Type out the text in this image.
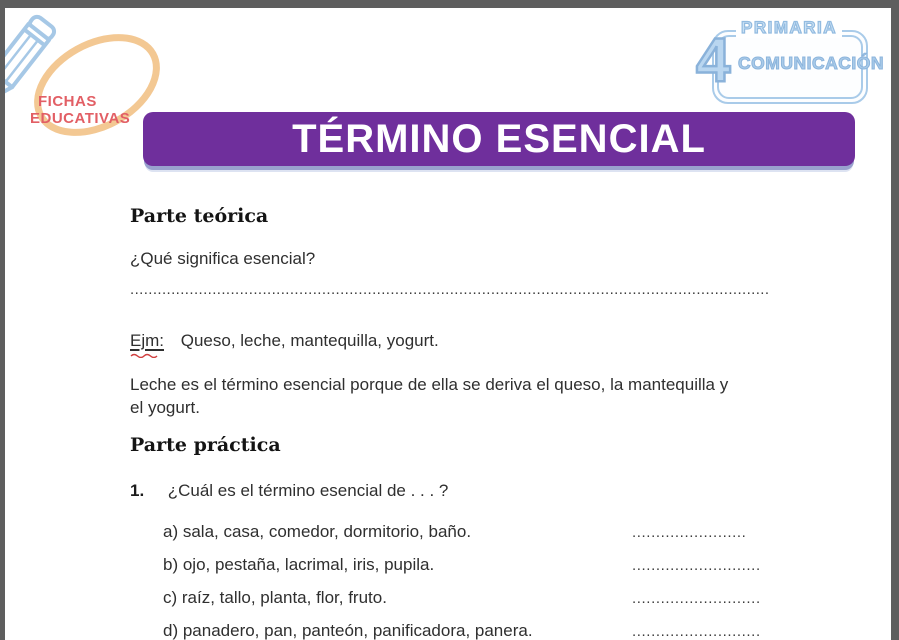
FICHAS
EDUCATIVAS
PRIMARIA
4 COMUNICACIÓN
TÉRMINO ESENCIAL
Parte teórica
¿Qué significa esencial?
............................................................................................................................................
Ejm: Queso, leche, mantequilla, yogurt.
Leche es el término esencial porque de ella se deriva el queso, la mantequilla y
el yogurt.
Parte práctica
1. ¿Cuál es el término esencial de . . . ?
a) sala, casa, comedor, dormitorio, baño.	........................
b) ojo, pestaña, lacrimal, iris, pupila.	...........................
c) raíz, tallo, planta, flor, fruto.	...........................
d) panadero, pan, panteón, panificadora, panera.	...........................
